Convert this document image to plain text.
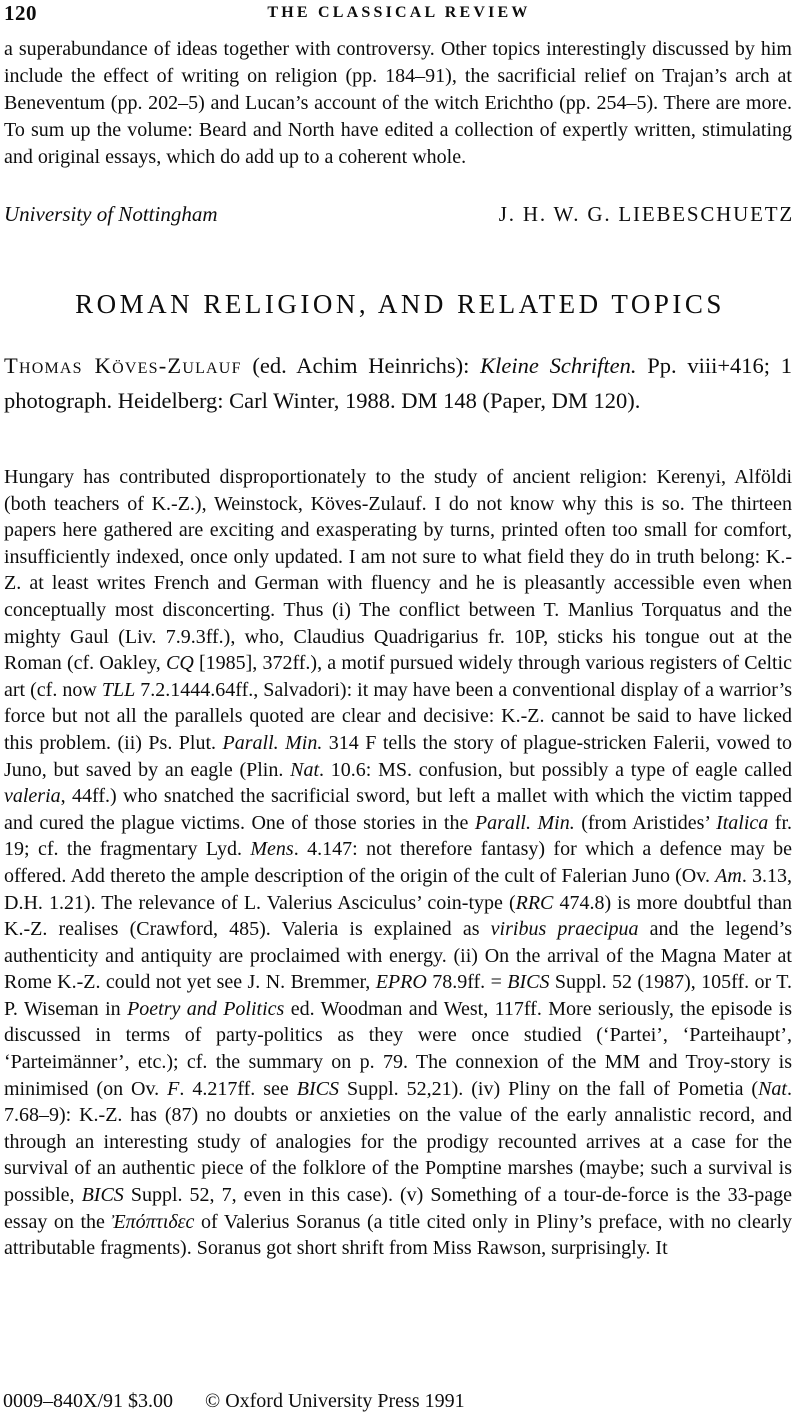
120	THE CLASSICAL REVIEW

a superabundance of ideas together with controversy. Other topics interestingly discussed by him include the effect of writing on religion (pp. 184–91), the sacrificial relief on Trajan’s arch at Beneventum (pp. 202–5) and Lucan’s account of the witch Erichtho (pp. 254–5). There are more. To sum up the volume: Beard and North have edited a collection of expertly written, stimulating and original essays, which do add up to a coherent whole.

University of Nottingham	J. H. W. G. LIEBESCHUETZ
ROMAN RELIGION, AND RELATED TOPICS

Thomas Köves-Zulauf (ed. Achim Heinrichs): Kleine Schriften. Pp. viii+416; 1 photograph. Heidelberg: Carl Winter, 1988. DM 148 (Paper, DM 120).

Hungary has contributed disproportionately to the study of ancient religion: Kerenyi, Alföldi (both teachers of K.-Z.), Weinstock, Köves-Zulauf. I do not know why this is so. The thirteen papers here gathered are exciting and exasperating by turns, printed often too small for comfort, insufficiently indexed, once only updated. I am not sure to what field they do in truth belong: K.-Z. at least writes French and German with fluency and he is pleasantly accessible even when conceptually most disconcerting. Thus (i) The conflict between T. Manlius Torquatus and the mighty Gaul (Liv. 7.9.3ff.), who, Claudius Quadrigarius fr. 10P, sticks his tongue out at the Roman (cf. Oakley, CQ [1985], 372ff.), a motif pursued widely through various registers of Celtic art (cf. now TLL 7.2.1444.64ff., Salvadori): it may have been a conventional display of a warrior’s force but not all the parallels quoted are clear and decisive: K.-Z. cannot be said to have licked this problem. (ii) Ps. Plut. Parall. Min. 314 F tells the story of plague-stricken Falerii, vowed to Juno, but saved by an eagle (Plin. Nat. 10.6: MS. confusion, but possibly a type of eagle called valeria, 44ff.) who snatched the sacrificial sword, but left a mallet with which the victim tapped and cured the plague victims. One of those stories in the Parall. Min. (from Aristides’ Italica fr. 19; cf. the fragmentary Lyd. Mens. 4.147: not therefore fantasy) for which a defence may be offered. Add thereto the ample description of the origin of the cult of Falerian Juno (Ov. Am. 3.13, D.H. 1.21). The relevance of L. Valerius Asciculus’ coin-type (RRC 474.8) is more doubtful than K.-Z. realises (Crawford, 485). Valeria is explained as viribus praecipua and the legend’s authenticity and antiquity are proclaimed with energy. (ii) On the arrival of the Magna Mater at Rome K.-Z. could not yet see J. N. Bremmer, EPRO 78.9ff. = BICS Suppl. 52 (1987), 105ff. or T. P. Wiseman in Poetry and Politics ed. Woodman and West, 117ff. More seriously, the episode is discussed in terms of party-politics as they were once studied (‘Partei’, ‘Parteihaupt’, ‘Parteimänner’, etc.); cf. the summary on p. 79. The connexion of the MM and Troy-story is minimised (on Ov. F. 4.217ff. see BICS Suppl. 52,21). (iv) Pliny on the fall of Pometia (Nat. 7.68–9): K.-Z. has (87) no doubts or anxieties on the value of the early annalistic record, and through an interesting study of analogies for the prodigy recounted arrives at a case for the survival of an authentic piece of the folklore of the Pomptine marshes (maybe; such a survival is possible, BICS Suppl. 52, 7, even in this case). (v) Something of a tour-de-force is the 33-page essay on the Ἐπόπτιδεc of Valerius Soranus (a title cited only in Pliny’s preface, with no clearly attributable fragments). Soranus got short shrift from Miss Rawson, surprisingly. It

0009–840X/91 $3.00 © Oxford University Press 1991
